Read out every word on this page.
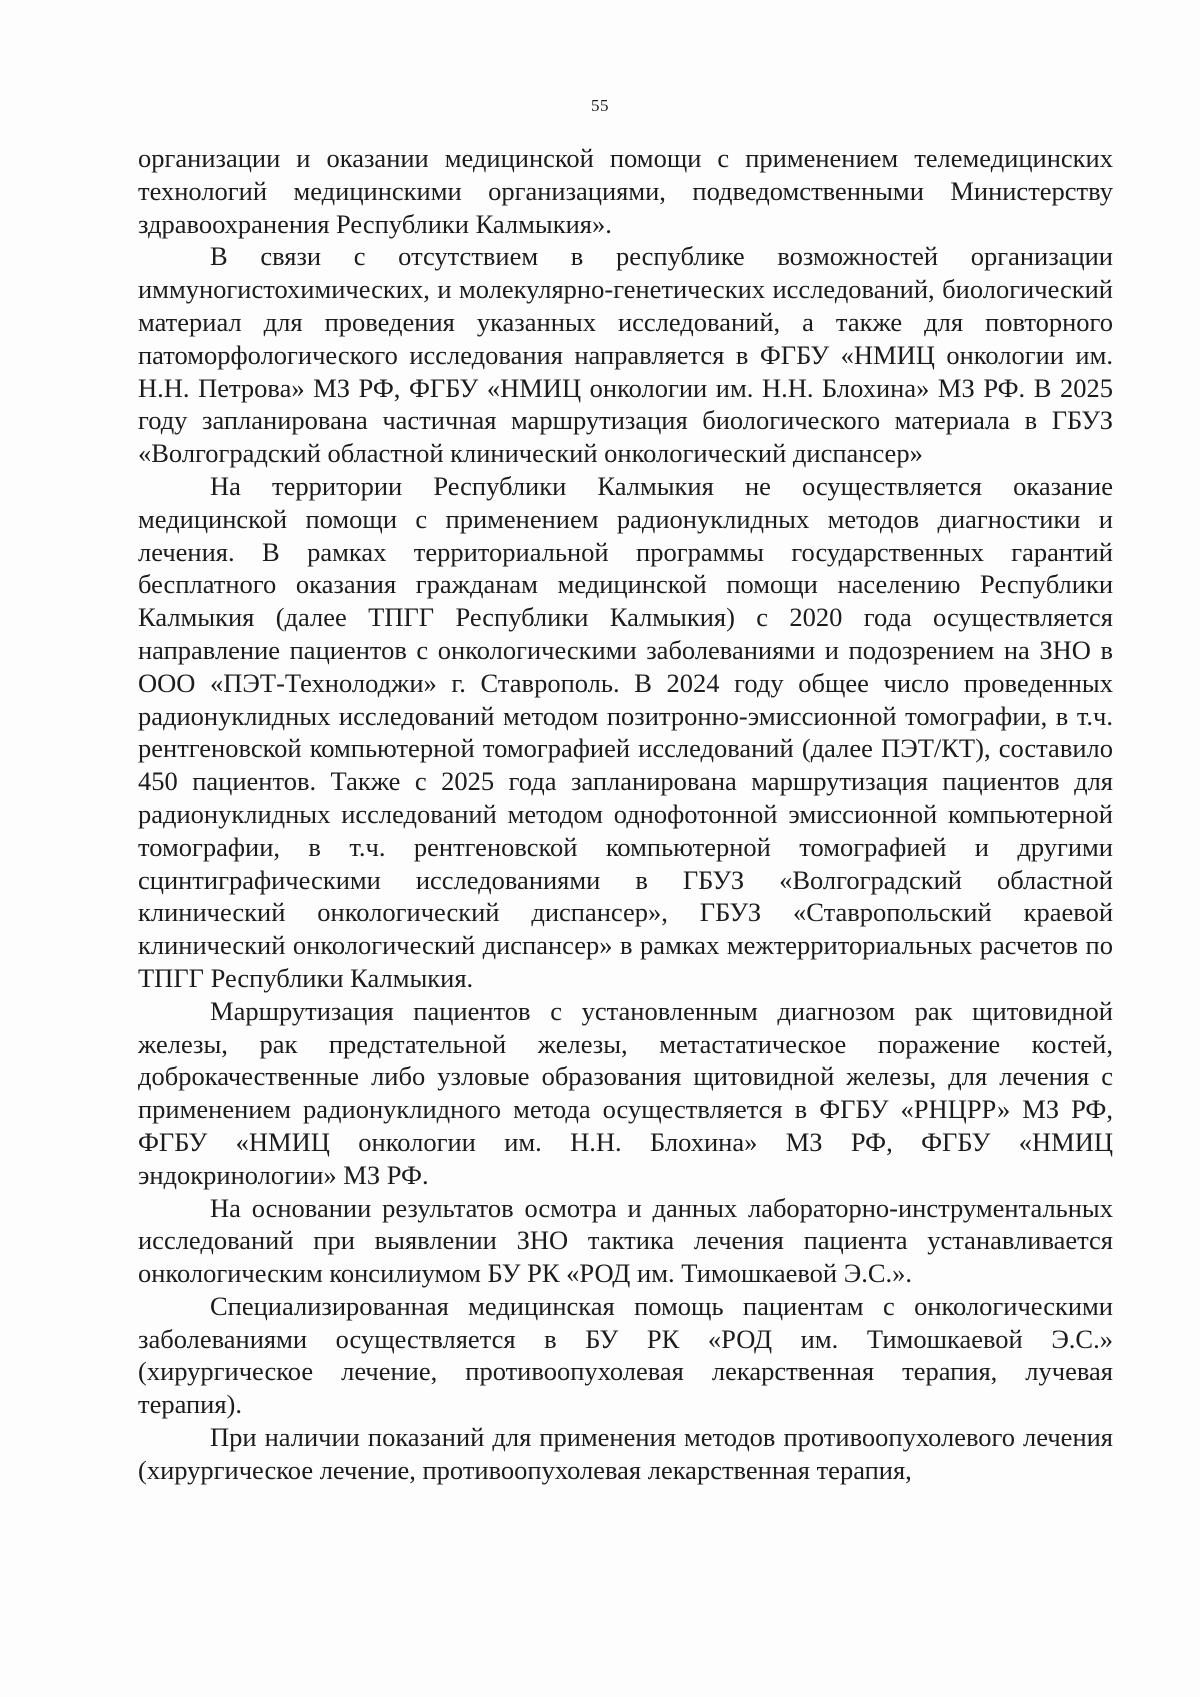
55

организации и оказании медицинской помощи с применением телемедицинских технологий медицинскими организациями, подведомственными Министерству здравоохранения Республики Калмыкия».

В связи с отсутствием в республике возможностей организации иммуногистохимических, и молекулярно-генетических исследований, биологический материал для проведения указанных исследований, а также для повторного патоморфологического исследования направляется в ФГБУ «НМИЦ онкологии им. Н.Н. Петрова» МЗ РФ, ФГБУ «НМИЦ онкологии им. Н.Н. Блохина» МЗ РФ. В 2025 году запланирована частичная маршрутизация биологического материала в ГБУЗ «Волгоградский областной клинический онкологический диспансер»

На территории Республики Калмыкия не осуществляется оказание медицинской помощи с применением радионуклидных методов диагностики и лечения. В рамках территориальной программы государственных гарантий бесплатного оказания гражданам медицинской помощи населению Республики Калмыкия (далее ТПГГ Республики Калмыкия) с 2020 года осуществляется направление пациентов с онкологическими заболеваниями и подозрением на ЗНО в ООО «ПЭТ-Технолоджи» г. Ставрополь. В 2024 году общее число проведенных радионуклидных исследований методом позитронно-эмиссионной томографии, в т.ч. рентгеновской компьютерной томографией исследований (далее ПЭТ/КТ), составило 450 пациентов. Также с 2025 года запланирована маршрутизация пациентов для радионуклидных исследований методом однофотонной эмиссионной компьютерной томографии, в т.ч. рентгеновской компьютерной томографией и другими сцинтиграфическими исследованиями в ГБУЗ «Волгоградский областной клинический онкологический диспансер», ГБУЗ «Ставропольский краевой клинический онкологический диспансер» в рамках межтерриториальных расчетов по ТПГГ Республики Калмыкия.

Маршрутизация пациентов с установленным диагнозом рак щитовидной железы, рак предстательной железы, метастатическое поражение костей, доброкачественные либо узловые образования щитовидной железы, для лечения с применением радионуклидного метода осуществляется в ФГБУ «РНЦРР» МЗ РФ, ФГБУ «НМИЦ онкологии им. Н.Н. Блохина» МЗ РФ, ФГБУ «НМИЦ эндокринологии» МЗ РФ.

На основании результатов осмотра и данных лабораторно-инструментальных исследований при выявлении ЗНО тактика лечения пациента устанавливается онкологическим консилиумом БУ РК «РОД им. Тимошкаевой Э.С.».

Специализированная медицинская помощь пациентам с онкологическими заболеваниями осуществляется в БУ РК «РОД им. Тимошкаевой Э.С.» (хирургическое лечение, противоопухолевая лекарственная терапия, лучевая терапия).

При наличии показаний для применения методов противоопухолевого лечения (хирургическое лечение, противоопухолевая лекарственная терапия,
